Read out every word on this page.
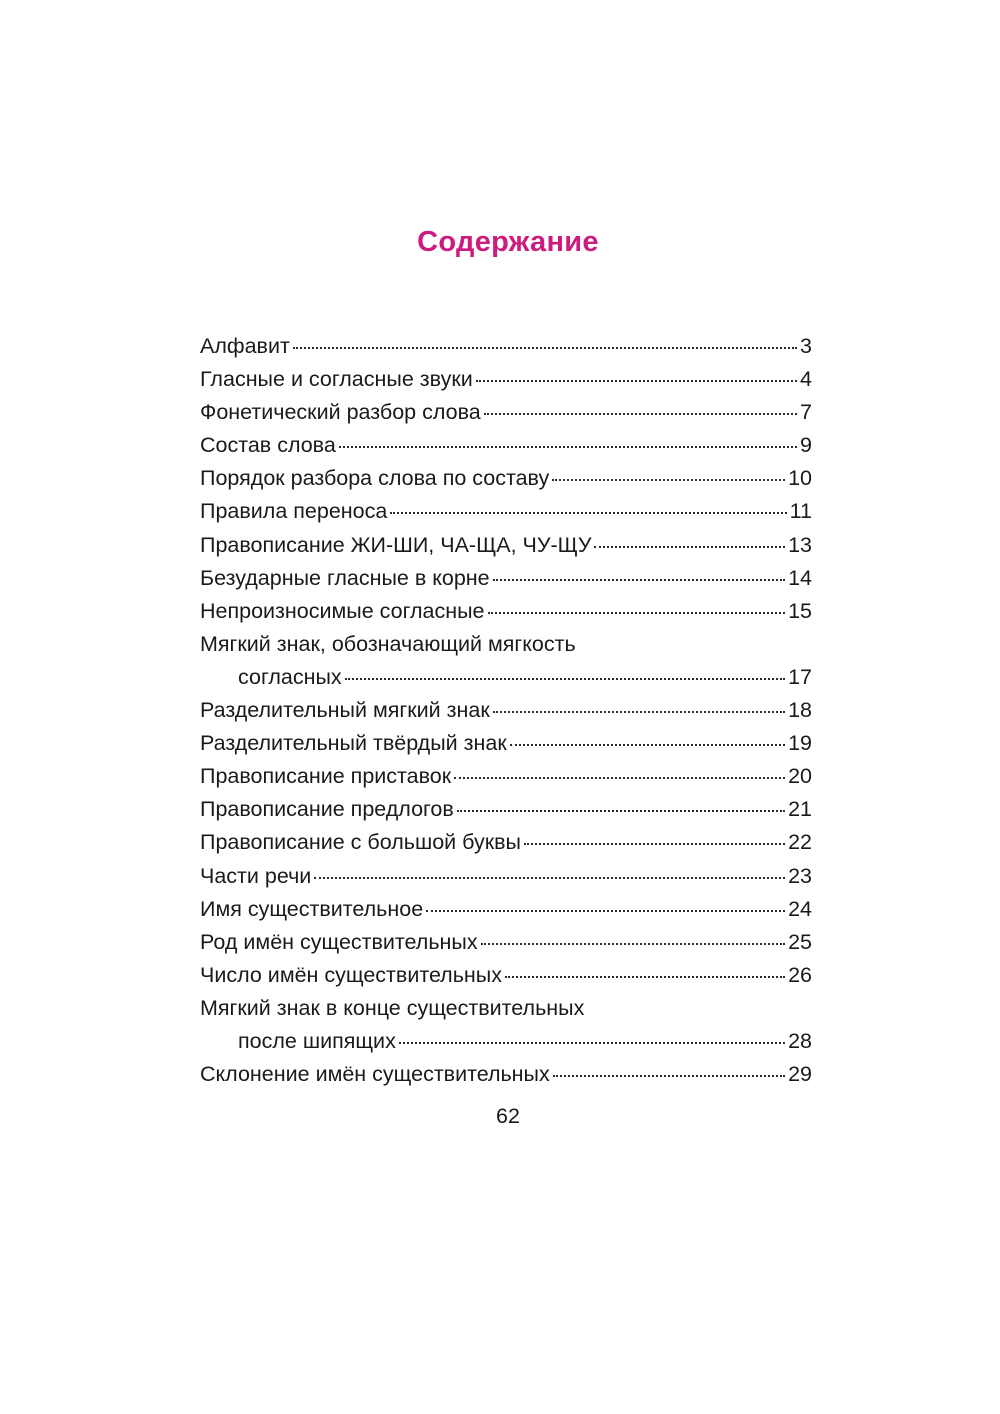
Содержание
Алфавит	3
Гласные и согласные звуки	4
Фонетический разбор слова	7
Состав слова	9
Порядок разбора слова по составу	10
Правила переноса	11
Правописание ЖИ-ШИ, ЧА-ЩА, ЧУ-ЩУ	13
Безударные гласные в корне	14
Непроизносимые согласные	15
Мягкий знак, обозначающий мягкость
согласных	17
Разделительный мягкий знак	18
Разделительный твёрдый знак	19
Правописание приставок	20
Правописание предлогов	21
Правописание с большой буквы	22
Части речи	23
Имя существительное	24
Род имён существительных	25
Число имён существительных	26
Мягкий знак в конце существительных
после шипящих	28
Склонение имён существительных	29
62
